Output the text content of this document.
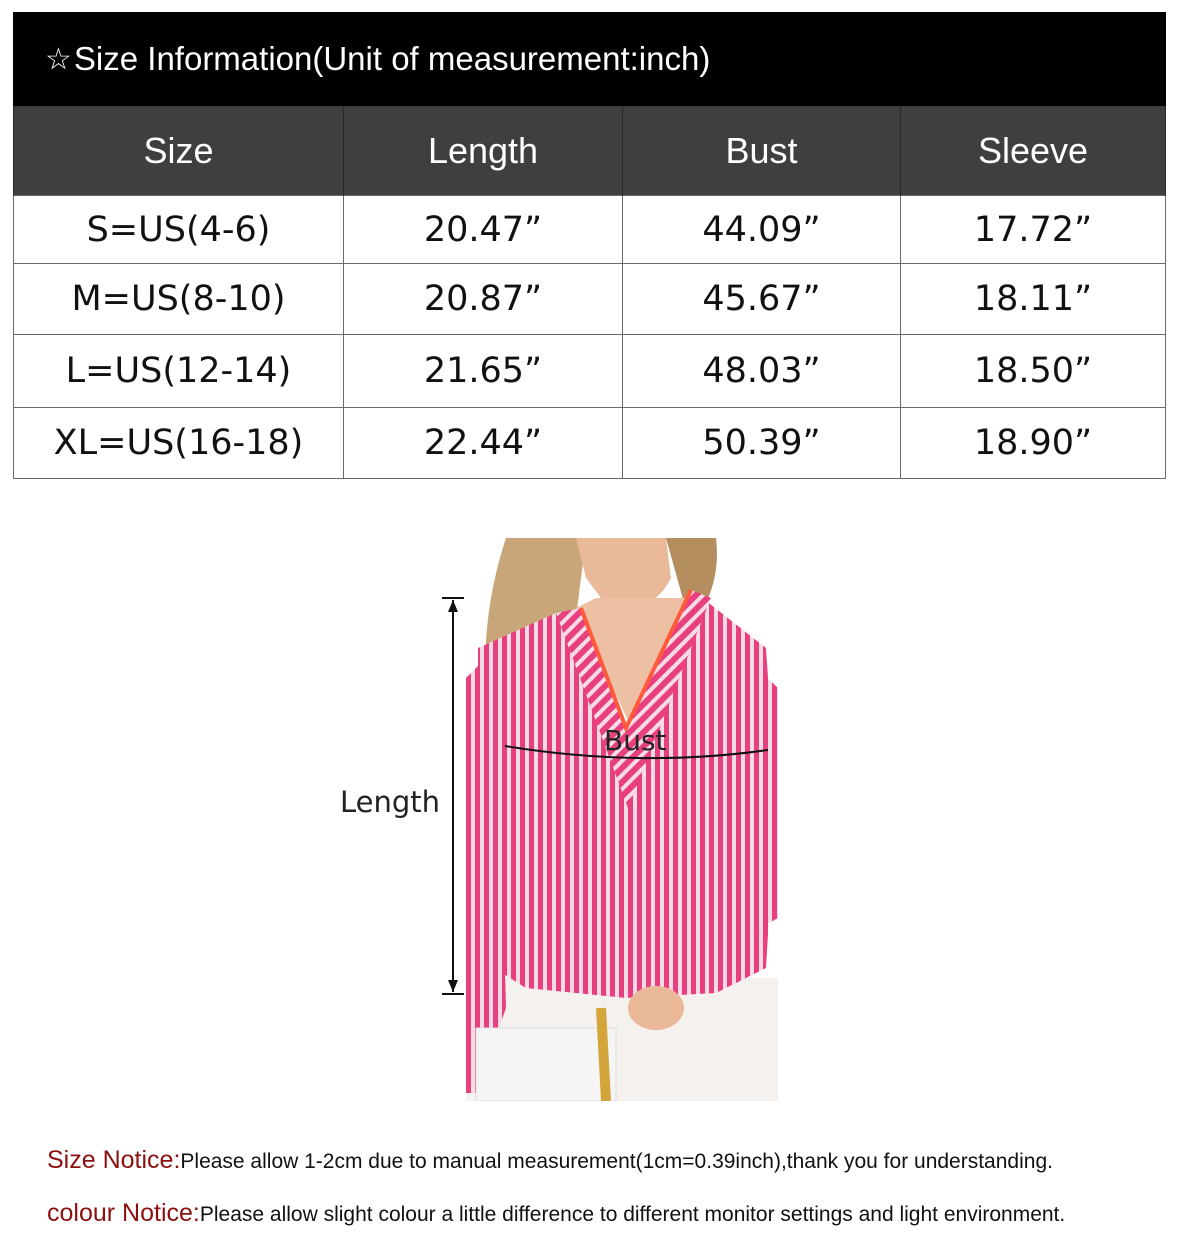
☆ Size Information(Unit of measurement:inch)
Size	Length	Bust	Sleeve
S=US(4-6)	20.47”	44.09”	17.72”
M=US(8-10)	20.87”	45.67”	18.11”
L=US(12-14)	21.65”	48.03”	18.50”
XL=US(16-18)	22.44”	50.39”	18.90”
Length
Bust
Size Notice:Please allow 1-2cm due to manual measurement(1cm=0.39inch),thank you for understanding.
colour Notice:Please allow slight colour a little difference to different monitor settings and light environment.
